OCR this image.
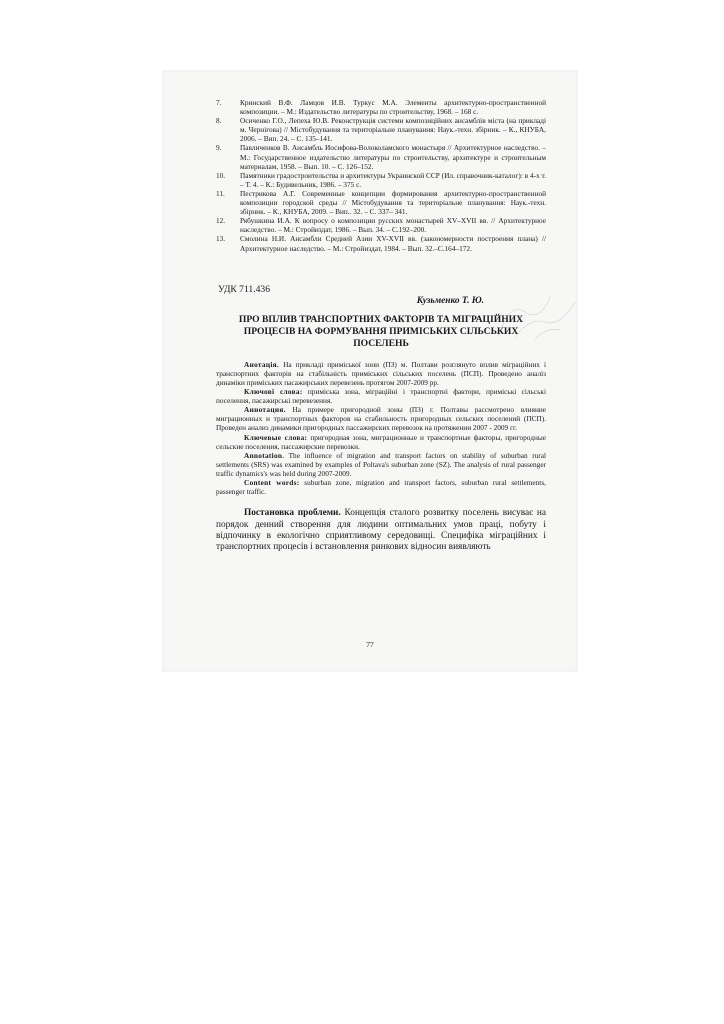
7.	Кринский В.Ф. Ламцов И.В. Туркус М.А. Элементы архитектурно-пространственной композиции. – М.: Издательство литературы по строительству, 1968. – 168 с.
8.	Осиченко Г.О., Лепеха Ю.В. Реконструкція системи композиційних ансамблів міста (на прикладі м. Чернігова) // Містобудування та територіальне планування: Наук.-техн. збірник. – К., КНУБА, 2006. – Вип. 24. – С. 135–141.
9.	Павличенков В. Ансамбль Иосифова-Волоколамского монастыря // Архитектурное наследство. – М.: Государственное издательство литературы по строительству, архитектуре и строительным материалам, 1958. – Вып. 10. – С. 126–152.
10.	Памятники градостроительства и архитектуры Украинской ССР (Ил. справочник-каталог): в 4-х т. – Т. 4. – К.: Будивельник, 1986. – 375 с.
11.	Пестрикова А.Г. Современные концепции формирования архитектурно-пространственной композиции городской среды // Містобудування та територіальне планування: Наук.-техн. збірник. – К., КНУБА, 2009. – Вип.. 32. – С. 337– 341.
12.	Рябушкина И.А. К вопросу о композиции русских монастырей XV–XVII вв. // Архитектурное наследство. – М.: Стройиздат, 1986. – Вып. 34. – С.192–200.
13.	Смолина Н.И. Ансамбли Средней Азии XV-XVII вв. (закономерности построения плана) // Архитектурное наследство. – М.: Стройиздат, 1984. – Вып. 32.–С.164–172.
УДК 711.436
Кузьменко Т. Ю.
ПРО ВПЛИВ ТРАНСПОРТНИХ ФАКТОРІВ ТА МІГРАЦІЙНИХ ПРОЦЕСІВ НА ФОРМУВАННЯ ПРИМІСЬКИХ СІЛЬСЬКИХ ПОСЕЛЕНЬ

Анотація. На прикладі приміської зони (ПЗ) м. Полтави розглянуто вплив міграційних і транспортних факторів на стабільність приміських сільських поселень (ПСП). Проведено аналіз динаміки приміських пасажирських перевезень протягом 2007-2009 рр.

Ключові слова: приміська зона, міграційні і транспортні фактори, приміські сільські поселення, пасажирські перевезення.

Аннотация. На примере пригородной зоны (ПЗ) г. Полтавы рассмотрено влияние миграционных и транспортных факторов на стабильность пригородных сельских поселений (ПСП). Проведен анализ динамики пригородных пассажирских перевозок на протяжении 2007 - 2009 гг.

Ключевые слова: пригородная зона, миграционные и транспортные факторы, пригородные сельские поселения, пассажирские перевозки.

Annotation. The influence of migration and transport factors on stability of suburban rural settlements (SRS) was examined by examples of Poltava's suburban zone (SZ). The analysis of rural passenger traffic dynamics's was held during 2007-2009.

Content words: suburban zone, migration and transport factors, suburban rural settlements, passenger traffic.

Постановка проблеми. Концепція сталого розвитку поселень висуває на порядок денний створення для людини оптимальних умов праці, побуту і відпочинку в екологічно сприятливому середовищі. Специфіка міграційних і транспортних процесів і встановлення ринкових відносин виявляють

77
